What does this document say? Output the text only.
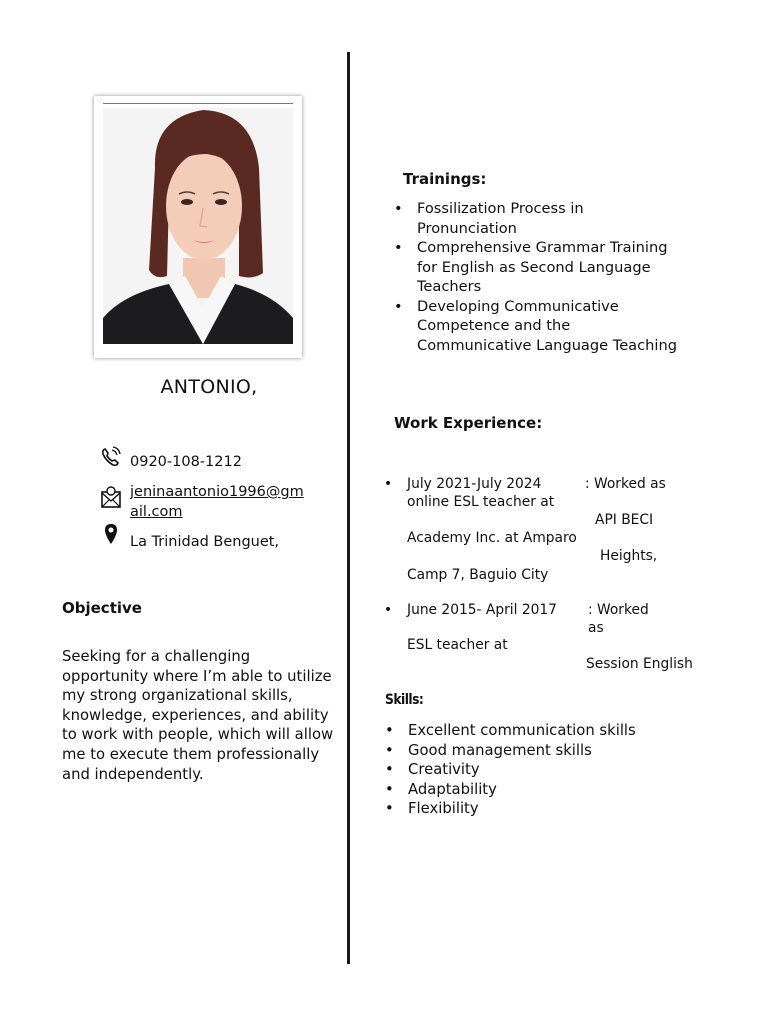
ANTONIO,
0920-108-1212
jeninaantonio1996@gmail.com
La Trinidad Benguet,
Objective
Seeking for a challenging opportunity where I’m able to utilize my strong organizational skills, knowledge, experiences, and ability to work with people, which will allow me to execute them professionally and independently.
Trainings:
• Fossilization Process in Pronunciation
• Comprehensive Grammar Training for English as Second Language Teachers
• Developing Communicative Competence and the Communicative Language Teaching
Work Experience:
• July 2021-July 2024	: Worked as
online ESL teacher at
API BECI
Academy Inc. at Amparo
Heights,
Camp 7, Baguio City
• June 2015- April 2017	: Worked as
ESL teacher at
Session English
Skills:
• Excellent communication skills
• Good management skills
• Creativity
• Adaptability
• Flexibility
